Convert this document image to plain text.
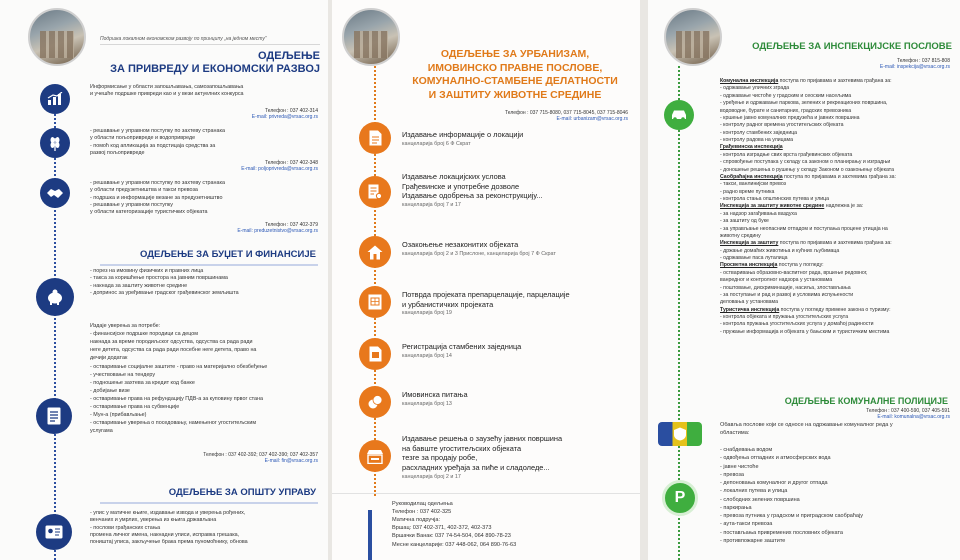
Подршка локалном економском развоју по принципу „на једном месту”
ОДЕЉЕЊЕ
ЗА ПРИВРЕДУ И ЕКОНОМСКИ РАЗВОЈ
Информисање у области запошљавања, самозапошљавања
и учешће подршке привреди као и у вези актуелних конкурса
Телефон : 037 402-314
E-mail: privreda@vrsac.org.rs
- решавање у управном поступку по захтеву странака
у области пољопривреде и водопривреде
- помоћ код апликација за подстицаја средства за
развој пољопривреде
Телефон : 037 402-348
E-mail: poljoprivreda@vrsac.org.rs
- решавање у управном поступку по захтеву странака
у области предузетништва и такси превоза
- подршка и информације везане за предузетништво
- решавање у управном поступку
у области категоризације туристичких објеката
Телефон : 037 402-379
E-mail: preduzetnistvo@vrsac.org.rs
ОДЕЉЕЊЕ ЗА БУЏЕТ И ФИНАНСИЈЕ
- порез на имовину физичких и правних лица
- такса за коришћење простора на јавним површинама
- накнада за заштиту животне средине
- допринос за уређивање градског грађевинског земљишта
Издаје уверења за потребе:
- финансијске подршке породици са децом
накнада за време породиљског одсуства, одсуства са рада ради
неге детета, одсуства са рада ради посебне неге детета, право на
дечији додатак
- остваривање социјалне заштите - право на материјално обезбеђење
- учествовање на тендеру
- подношење захтева за кредит код банке
- добијање визе
- остваривање права на рефундацију ПДВ-а за куповину првог стана
- остваривање права на субвенције
- Мун-а (прибављање)
- остваривање уверења о поседовању, намењеног угоститељским
услугама
Телефон : 037 402-392; 037 402-390; 037 402-357
E-mail: fin@vrsac.org.rs
ОДЕЉЕЊЕ ЗА ОПШТУ УПРАВУ
- упис у матичне књиге, издавање извода и уверења рођених,
венчаних и умрлих, уверења из књига држављана
- послови грађанских стања
промена личног имена, накнадни уписи, исправка грешака,
поништај уписа, закључење брака према пуномоћнику, обнова
ОДЕЉЕЊЕ ЗА УРБАНИЗАМ,
ИМОВИНСКО ПРАВНЕ ПОСЛОВЕ,
КОМУНАЛНО-СТАМБЕНЕ ДЕЛАТНОСТИ
И ЗАШТИТУ ЖИВОТНЕ СРЕДИНЕ
Телефон : 037 715-8080, 037 715-8045, 037 715-8046
E-mail: urbanizam@vrsac.org.rs
Издавање информације о локацији
канцеларија број 6 Ф Скрат
Издавање локацијских услова
Грађевинске и употребне дозволе
Издавање одобрења за реконструкцију...
канцеларија број 7 и 17
Озакоњење незаконитих објеката
канцеларија број 2 и 3 Прислоне, канцеларија број 7 Ф Скрат
Потврда пројеката препарцелације, парцелације
и урбанистичких пројеката
канцеларија број 19
Регистрација стамбених заједница
канцеларија број 14
Имовинска питања
канцеларија број 13
Издавање решења о заузећу јавних површина
на бавште угоститељских објеката
тезге за продају робе,
расхладних уређаја за пиће и сладоледе...
канцеларија број 2 и 17
Руководилац одељења
Телефон : 037 402-325
Матична подручја:
Вршац: 037 402-371, 402-372, 402-373
Вршачки Ванак: 037 74-54-504, 064 890-78-23
Месне канцеларије: 037 448-062, 064 890-76-63
ОДЕЉЕЊЕ ЗА ИНСПЕКЦИЈСКЕ ПОСЛОВЕ
Телефон : 037 815-808
E-mail: inspekcija@vrsac.org.rs
Комунална инспекција поступа по пријавама и захтевима грађана за:
- одржавање уличних зграда
- одржавање чистоће у градским и сеоским насељима
- уређење и одржавање паркова, зелених и рекреационих површина,
водоводне, бурате и санитарних, градских превозника
- кршење јавно комуналних предузећа и јавних површина
- контролу радног времена угоститељских објеката
- контролу стамбених заједница
- контролу радова на улицама
Грађевинска инспекција
- контрола изградње свих врста грађевинских објеката
- спровођење поступака у складу са законом о планирању и изградњи
- доношење решења о рушењу у складу Законом о озакоњењу објеката
Саобраћајна инспекција поступа по пријавама и захтевима грађана за:
- такси, ванлинијски превоз
- радно време путника
- контрола стања општинских путева и улица
Инспекција за заштиту животне средине надлежна је за:
- за надзор загађивања ваздуха
- за заштиту од буке
- за управљање неопасним отпадом и поступања процене утицаја на
животну средину
Инспекција за заштиту поступа по пријавама и захтевима грађана за:
- држање домаћих животиња и кућних љубимаца
- одржавање паса луталица
Просветна инспекција поступа у погледу:
- остваривања образовно-васпитног рада, вршење редовног,
ванредног и контролног надзора у установама
- поштовање, дискриминације, насиља, злостављања
- за поступање и рад и развој и условима испуњености
деловања у установама
Туристичка инспекција поступа у погледу примене закона о туризму:
- контрола објеката и пружања угоститељских услуга
- контрола пружања угоститељских услуга у домаћој радиности
- пружање информација и објеката у бањским и туристичким местима
ОДЕЉЕЊЕ КОМУНАЛНЕ ПОЛИЦИЈЕ
Телефон : 037 400-590, 037 405-591
E-mail: komunalna@vrsac.org.rs
Обавља послове који се односе на одржавање комуналног реда у
областима:
P
- снабдевања водом
- одвођења отпадних и атмосферских вода
- јавне чистоће
- превоза
- депоновања комуналног и другог отпада
- локалних путева и улица
- слободних зелених површина
- паркирања
- превоза путника у градском и приградском саобраћају
- аута-такси превоза
- постављања привремених пословних објеката
- противпожарне заштите
